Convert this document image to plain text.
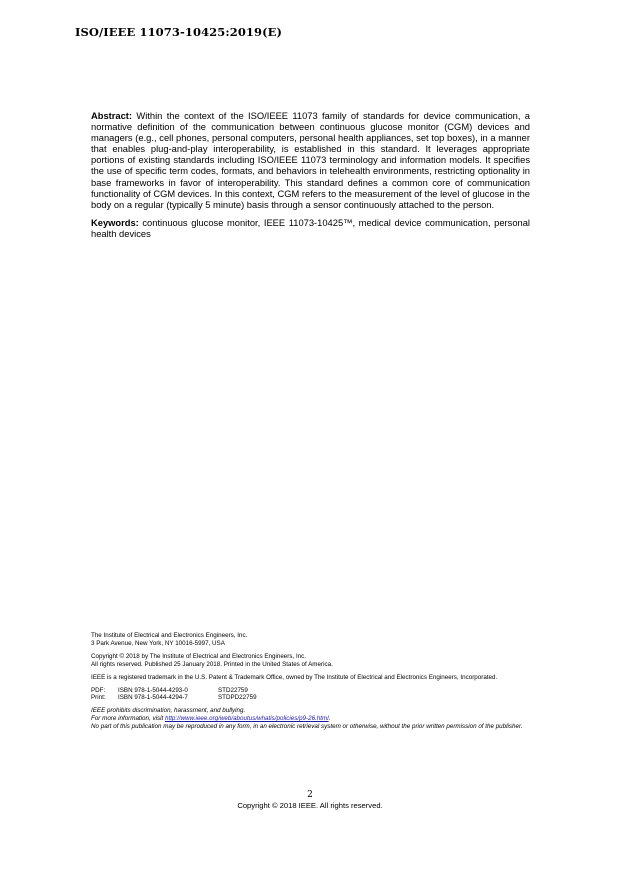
ISO/IEEE 11073-10425:2019(E)

Abstract: Within the context of the ISO/IEEE 11073 family of standards for device communication, a normative definition of the communication between continuous glucose monitor (CGM) devices and managers (e.g., cell phones, personal computers, personal health appliances, set top boxes), in a manner that enables plug-and-play interoperability, is established in this standard. It leverages appropriate portions of existing standards including ISO/IEEE 11073 terminology and information models. It specifies the use of specific term codes, formats, and behaviors in telehealth environments, restricting optionality in base frameworks in favor of interoperability. This standard defines a common core of communication functionality of CGM devices. In this context, CGM refers to the measurement of the level of glucose in the body on a regular (typically 5 minute) basis through a sensor continuously attached to the person.

Keywords: continuous glucose monitor, IEEE 11073-10425™, medical device communication, personal health devices

The Institute of Electrical and Electronics Engineers, Inc.
3 Park Avenue, New York, NY 10016-5997, USA

Copyright © 2018 by The Institute of Electrical and Electronics Engineers, Inc.
All rights reserved. Published 25 January 2018. Printed in the United States of America.

IEEE is a registered trademark in the U.S. Patent & Trademark Office, owned by The Institute of Electrical and Electronics Engineers, Incorporated.

PDF:	ISBN 978-1-5044-4293-0	STD22759
Print:	ISBN 978-1-5044-4294-7	STDPD22759

IEEE prohibits discrimination, harassment, and bullying.
For more information, visit http://www.ieee.org/web/aboutus/whatis/policies/p9-26.html.
No part of this publication may be reproduced in any form, in an electronic retrieval system or otherwise, without the prior written permission of the publisher.

2
Copyright © 2018 IEEE. All rights reserved.
